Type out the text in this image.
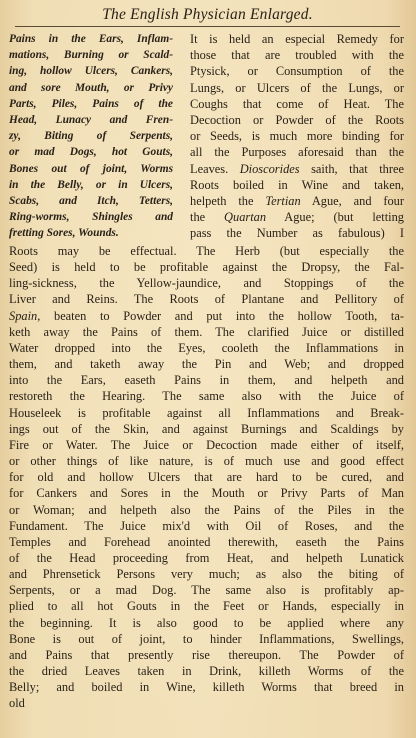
The English Physician Enlarged.
Pains in the Ears, Inflam-
mations, Burning or Scald-
ing, hollow Ulcers, Cankers,
and sore Mouth, or Privy
Parts, Piles, Pains of the
Head, Lunacy and Fren-
zy, Biting of Serpents,
or mad Dogs, hot Gouts,
Bones out of joint, Worms
in the Belly, or in Ulcers,
Scabs, and Itch, Tetters,
Ring-worms, Shingles and
fretting Sores, Wounds.
It is held an especial Remedy for
those that are troubled with the
Ptysick, or Consumption of the
Lungs, or Ulcers of the Lungs, or
Coughs that come of Heat. The
Decoction or Powder of the Roots
or Seeds, is much more binding for
all the Purposes aforesaid than the
Leaves. Dioscorides saith, that three
Roots boiled in Wine and taken,
helpeth the Tertian Ague, and four
the Quartan Ague; (but letting
pass the Number as fabulous) I
Roots may be effectual. The Herb (but especially the
Seed) is held to be profitable against the Dropsy, the Fal-
ling-sickness, the Yellow-jaundice, and Stoppings of the
Liver and Reins. The Roots of Plantane and Pellitory of
Spain, beaten to Powder and put into the hollow Tooth, ta-
keth away the Pains of them. The clarified Juice or distilled
Water dropped into the Eyes, cooleth the Inflammations in
them, and taketh away the Pin and Web; and dropped
into the Ears, easeth Pains in them, and helpeth and
restoreth the Hearing. The same also with the Juice of
Houseleek is profitable against all Inflammations and Break-
ings out of the Skin, and against Burnings and Scaldings by
Fire or Water. The Juice or Decoction made either of itself,
or other things of like nature, is of much use and good effect
for old and hollow Ulcers that are hard to be cured, and
for Cankers and Sores in the Mouth or Privy Parts of Man
or Woman; and helpeth also the Pains of the Piles in the
Fundament. The Juice mix'd with Oil of Roses, and the
Temples and Forehead anointed therewith, easeth the Pains
of the Head proceeding from Heat, and helpeth Lunatick
and Phrensetick Persons very much; as also the biting of
Serpents, or a mad Dog. The same also is profitably ap-
plied to all hot Gouts in the Feet or Hands, especially in
the beginning. It is also good to be applied where any
Bone is out of joint, to hinder Inflammations, Swellings,
and Pains that presently rise thereupon. The Powder of
the dried Leaves taken in Drink, killeth Worms of the
Belly; and boiled in Wine, killeth Worms that breed in
old
